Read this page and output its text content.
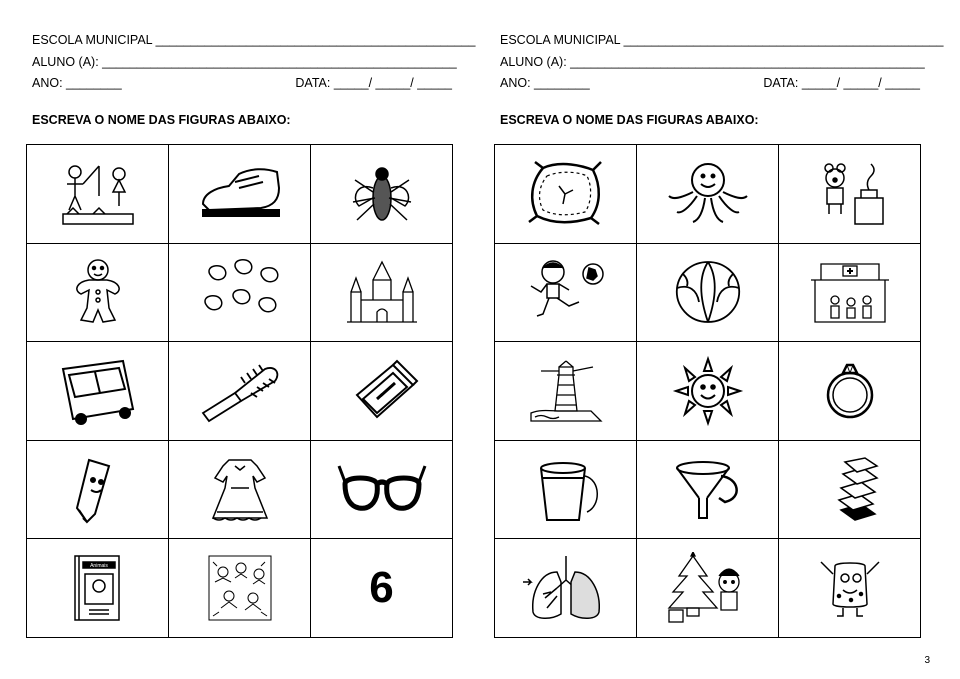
ESCOLA MUNICIPAL ______________________________________________
ALUNO (A): ___________________________________________________
ANO: ________	DATA: _____/ _____/ _____
ESCREVA O NOME DAS FIGURAS ABAIXO:
Animais	6
ESCOLA MUNICIPAL ______________________________________________
ALUNO (A): ___________________________________________________
ANO: ________	DATA: _____/ _____/ _____
ESCREVA O NOME DAS FIGURAS ABAIXO:
3
